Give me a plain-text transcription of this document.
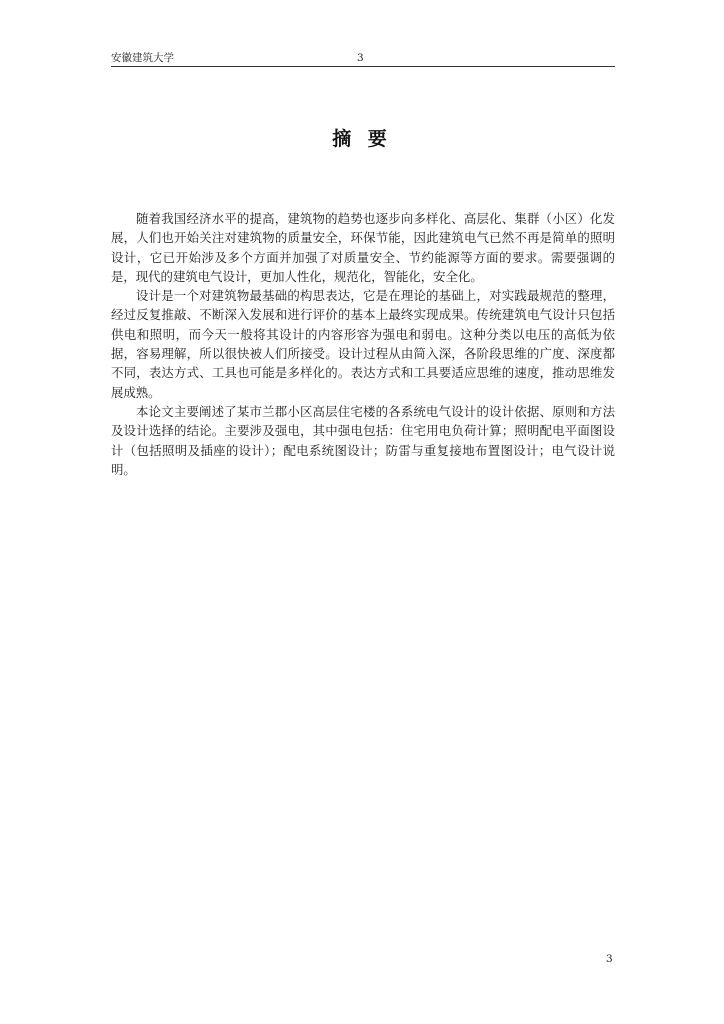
安徽建筑大学	3
摘 要

随着我国经济水平的提高，建筑物的趋势也逐步向多样化、高层化、集群（小区）化发展，人们也开始关注对建筑物的质量安全，环保节能，因此建筑电气已然不再是简单的照明设计，它已开始涉及多个方面并加强了对质量安全、节约能源等方面的要求。需要强调的是，现代的建筑电气设计，更加人性化，规范化，智能化，安全化。

设计是一个对建筑物最基础的构思表达，它是在理论的基础上，对实践最规范的整理，经过反复推敲、不断深入发展和进行评价的基本上最终实现成果。传统建筑电气设计只包括供电和照明，而今天一般将其设计的内容形容为强电和弱电。这种分类以电压的高低为依据，容易理解，所以很快被人们所接受。设计过程从由简入深，各阶段思维的广度、深度都不同，表达方式、工具也可能是多样化的。表达方式和工具要适应思维的速度，推动思维发展成熟。

本论文主要阐述了某市兰郡小区高层住宅楼的各系统电气设计的设计依据、原则和方法及设计选择的结论。主要涉及强电，其中强电包括：住宅用电负荷计算；照明配电平面图设计（包括照明及插座的设计）；配电系统图设计；防雷与重复接地布置图设计；电气设计说明。

3
